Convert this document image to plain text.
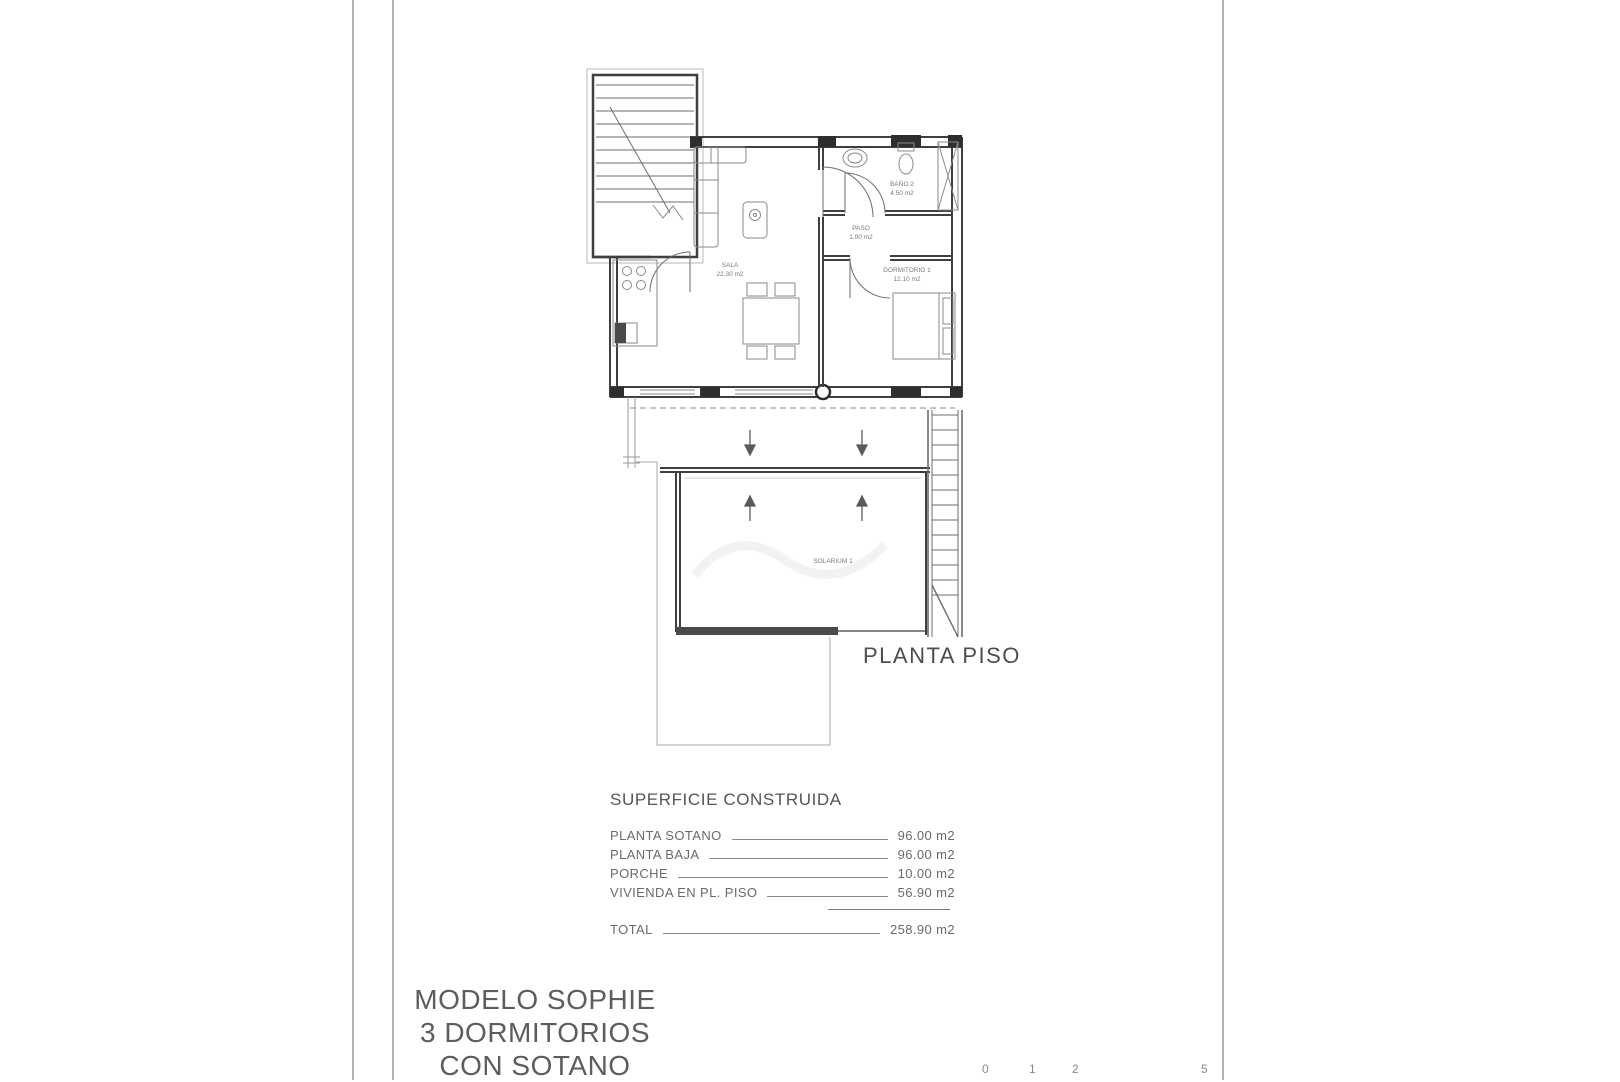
SALA
22.30 m2
PASO
1.00 m2
BAÑO 2
4.50 m2
DORMITORIO 1
12.10 m2
SOLARIUM 1
PLANTA PISO
SUPERFICIE CONSTRUIDA
PLANTA SOTANO	96.00 m2
PLANTA BAJA	96.00 m2
PORCHE	10.00 m2
VIVIENDA EN PL. PISO	56.90 m2
TOTAL	258.90 m2
MODELO SOPHIE
3 DORMITORIOS
CON SOTANO	0	1	2	5
